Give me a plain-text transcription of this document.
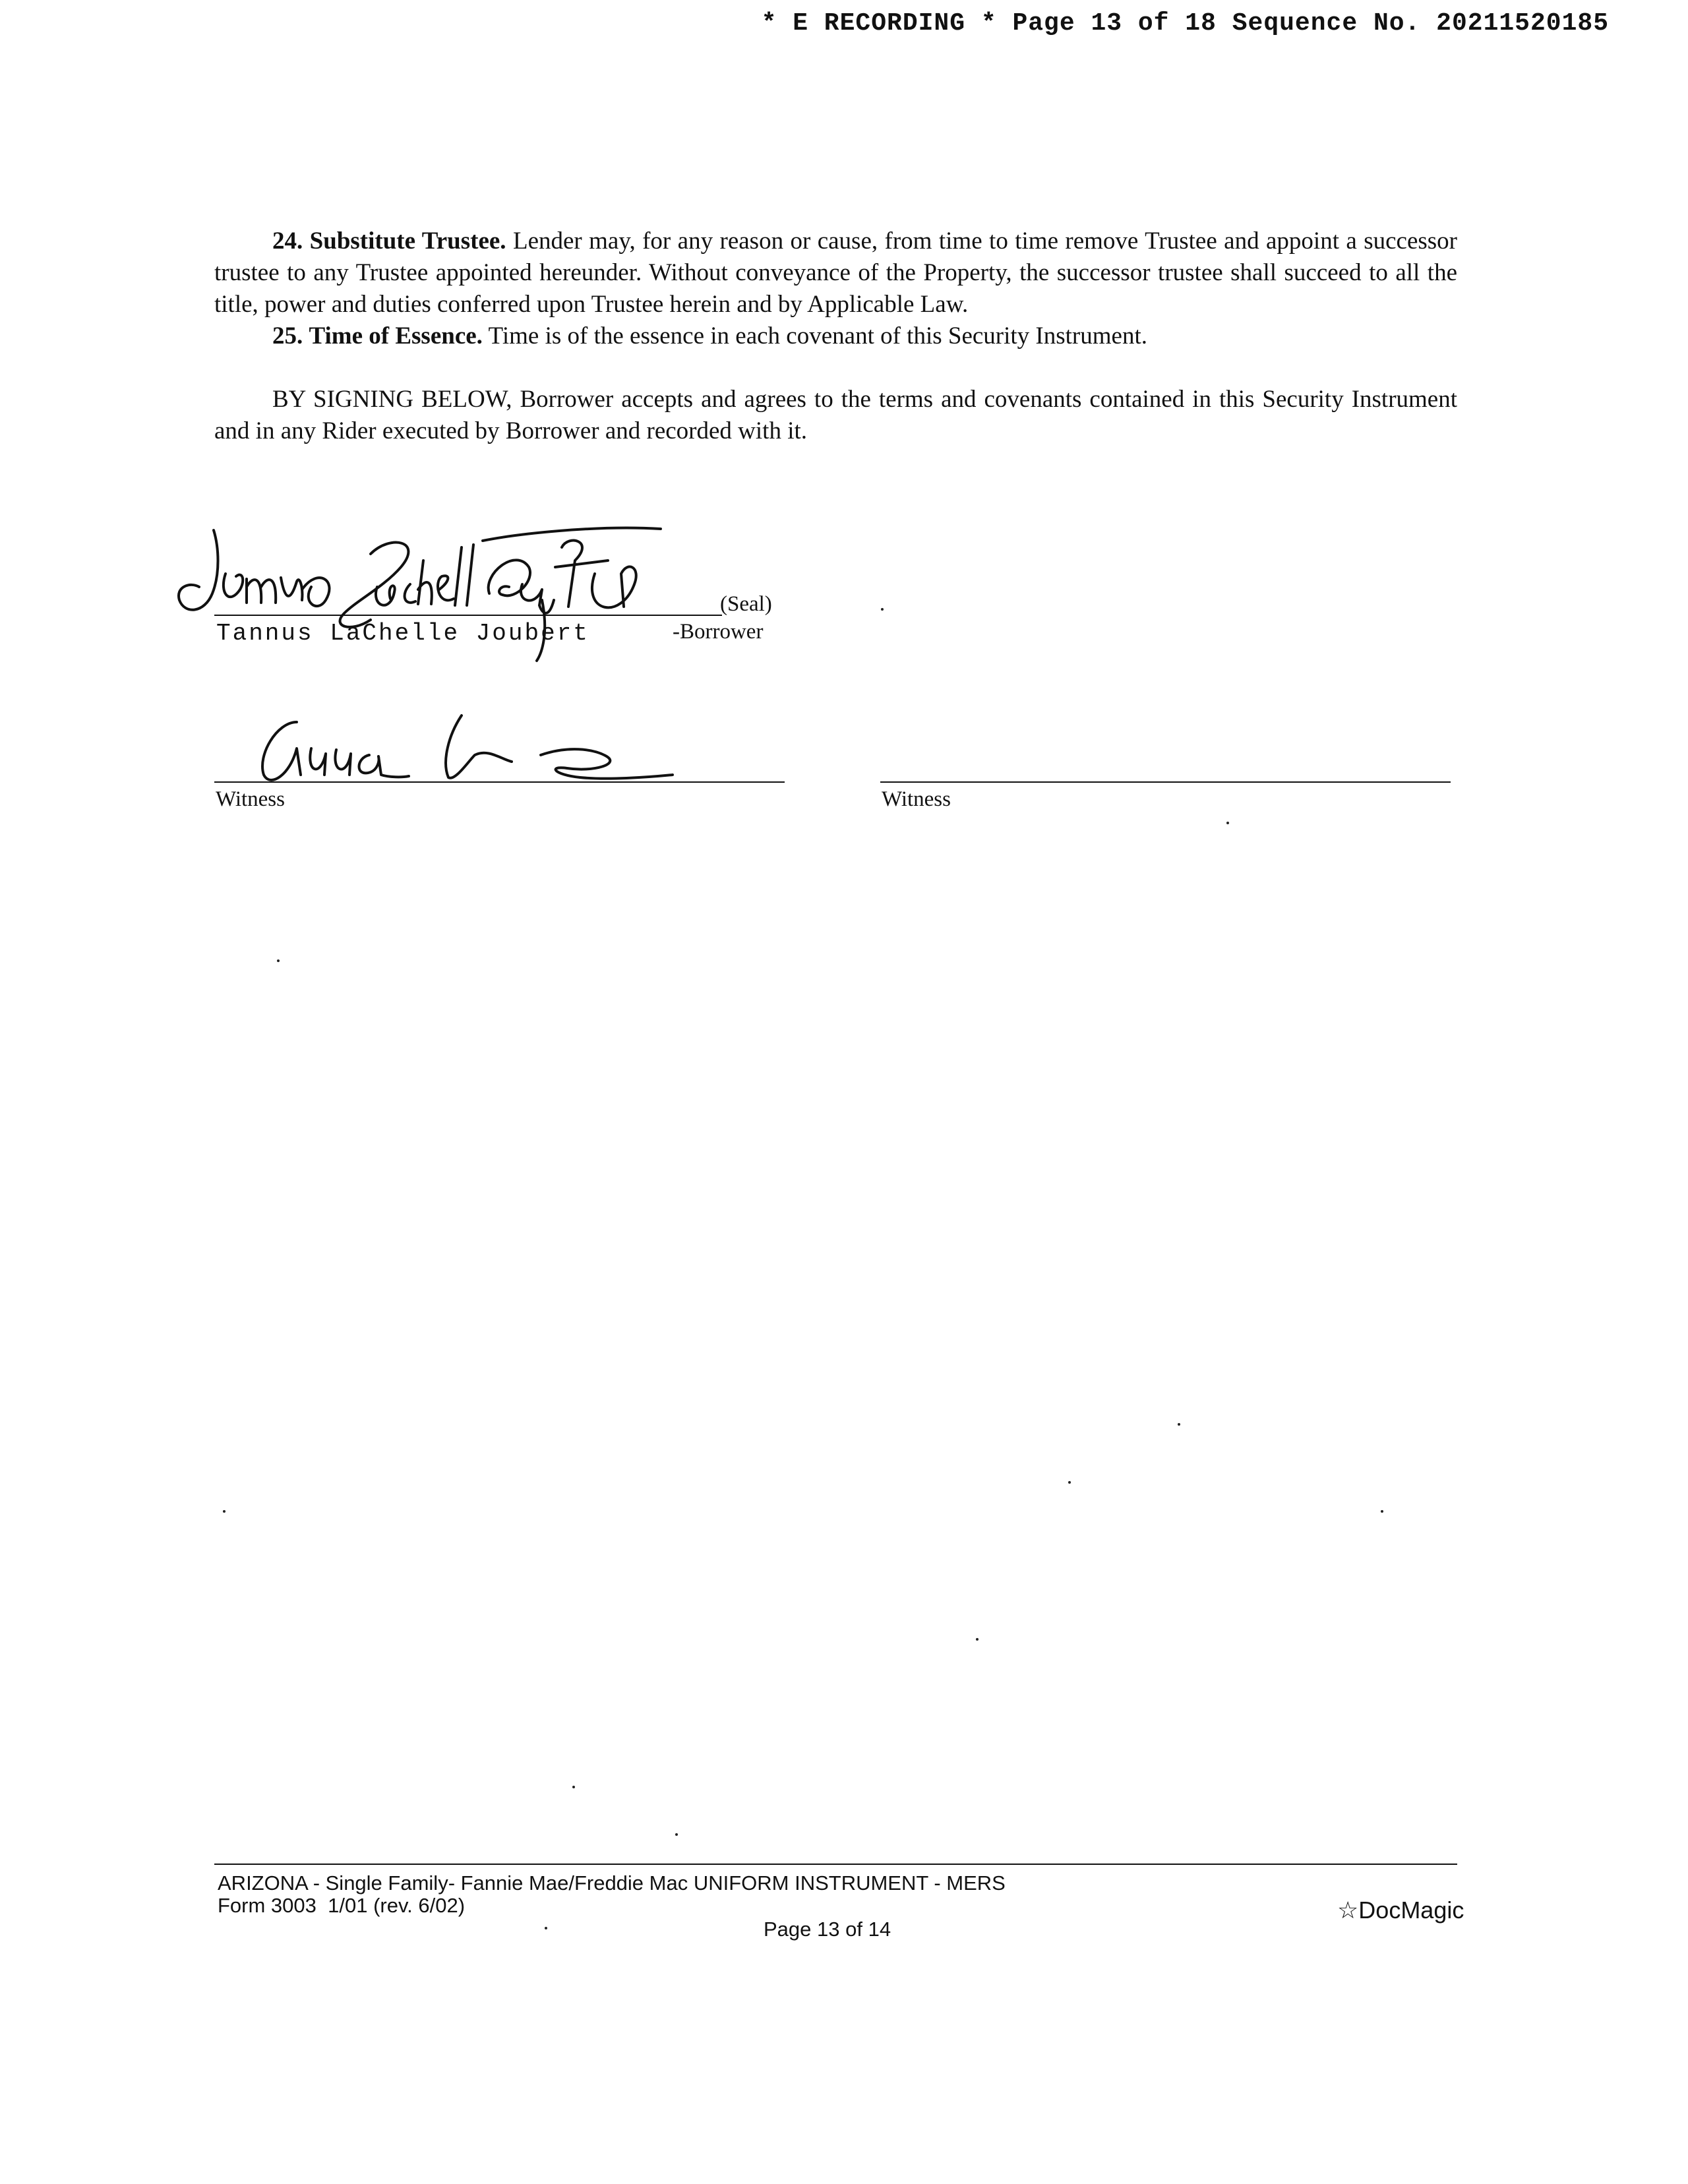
* E RECORDING * Page 13 of 18 Sequence No. 20211520185

24. Substitute Trustee. Lender may, for any reason or cause, from time to time remove Trustee and appoint a successor trustee to any Trustee appointed hereunder. Without conveyance of the Property, the successor trustee shall succeed to all the title, power and duties conferred upon Trustee herein and by Applicable Law.

25. Time of Essence. Time is of the essence in each covenant of this Security Instrument.

BY SIGNING BELOW, Borrower accepts and agrees to the terms and covenants contained in this Security Instrument and in any Rider executed by Borrower and recorded with it.

(Seal)
Tannus LaChelle Joubert	-Borrower
Witness	Witness
ARIZONA - Single Family- Fannie Mae/Freddie Mac UNIFORM INSTRUMENT - MERS
Form 3003  1/01 (rev. 6/02)
Page 13 of 14

☆DocMagic
